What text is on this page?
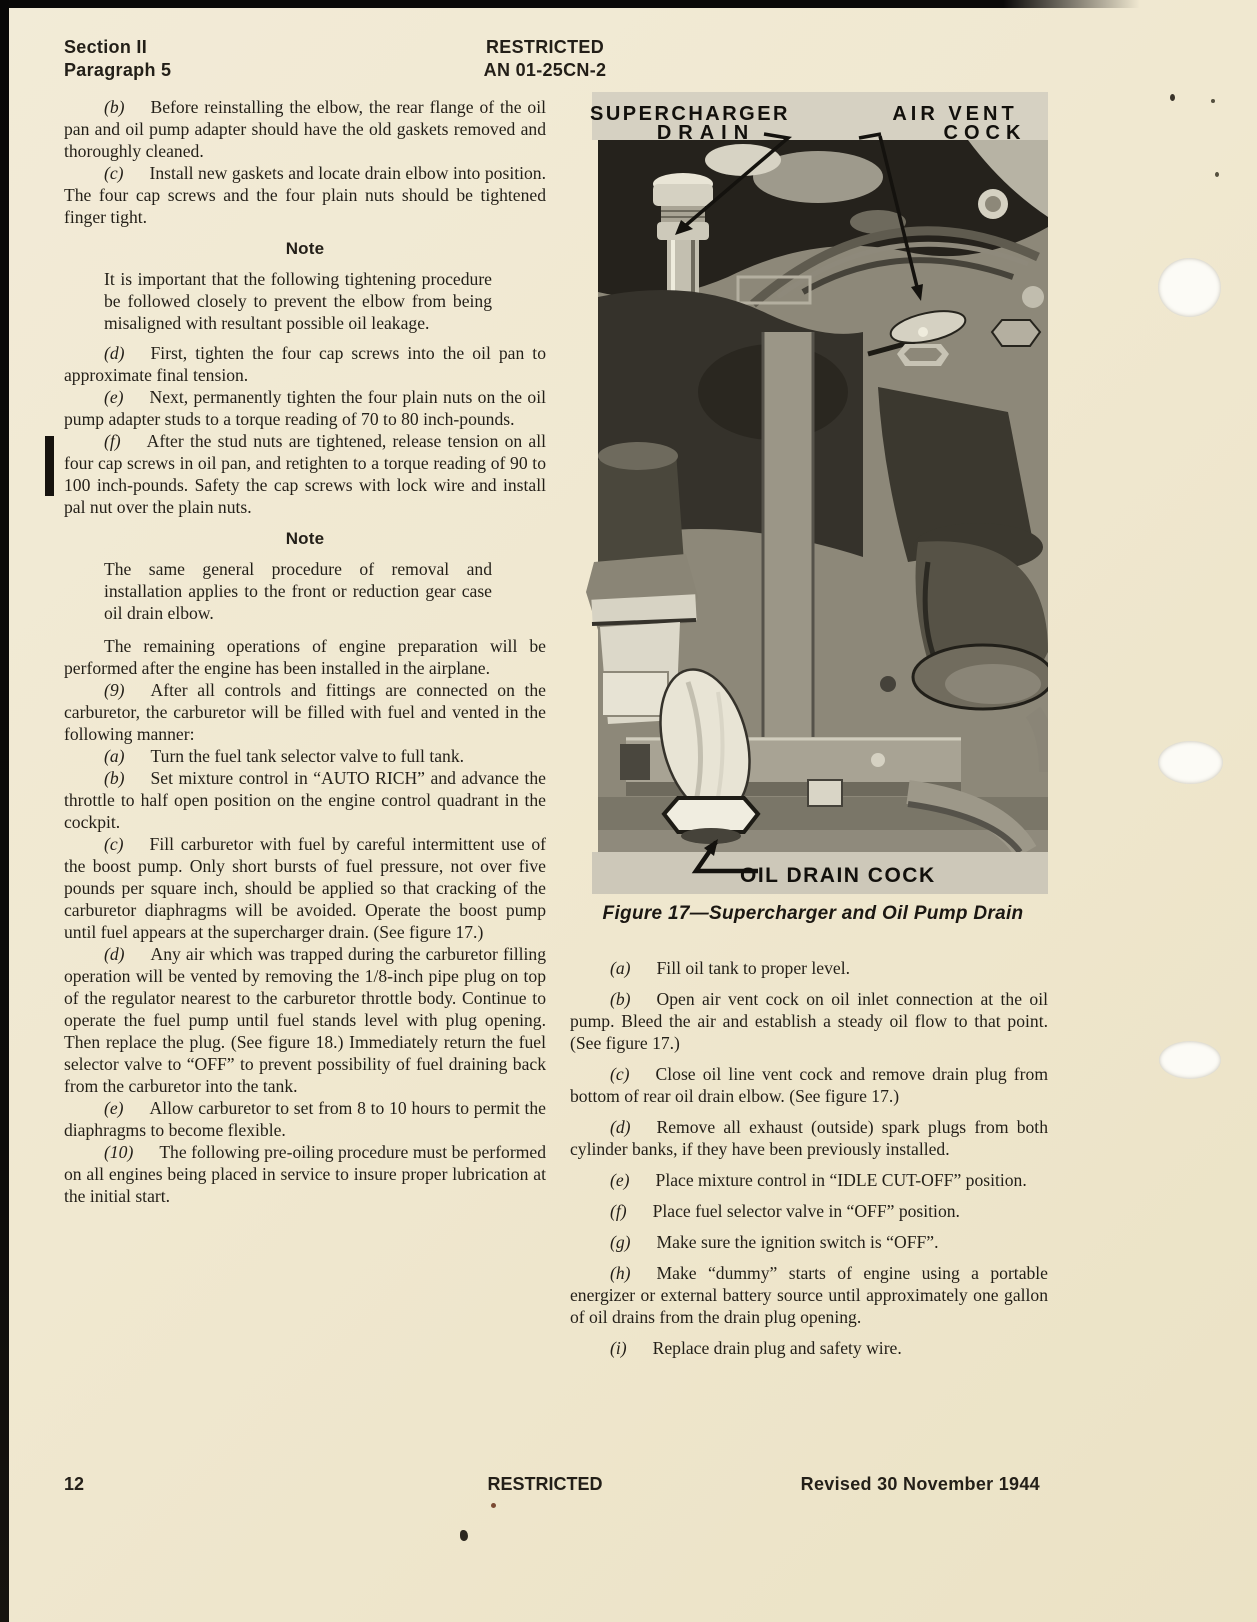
Section II
Paragraph 5
RESTRICTED
AN 01-25CN-2

(b) Before reinstalling the elbow, the rear flange of the oil pan and oil pump adapter should have the old gaskets removed and thoroughly cleaned.

(c) Install new gaskets and locate drain elbow into position. The four cap screws and the four plain nuts should be tightened finger tight.

Note

It is important that the following tightening procedure be followed closely to prevent the elbow from being misaligned with resultant possible oil leakage.

(d) First, tighten the four cap screws into the oil pan to approximate final tension.

(e) Next, permanently tighten the four plain nuts on the oil pump adapter studs to a torque reading of 70 to 80 inch-pounds.

(f) After the stud nuts are tightened, release tension on all four cap screws in oil pan, and retighten to a torque reading of 90 to 100 inch-pounds. Safety the cap screws with lock wire and install pal nut over the plain nuts.

Note

The same general procedure of removal and installation applies to the front or reduction gear case oil drain elbow.

The remaining operations of engine preparation will be performed after the engine has been installed in the airplane.

(9) After all controls and fittings are connected on the carburetor, the carburetor will be filled with fuel and vented in the following manner:

(a) Turn the fuel tank selector valve to full tank.

(b) Set mixture control in “AUTO RICH” and advance the throttle to half open position on the engine control quadrant in the cockpit.

(c) Fill carburetor with fuel by careful intermittent use of the boost pump. Only short bursts of fuel pressure, not over five pounds per square inch, should be applied so that cracking of the carburetor diaphragms will be avoided. Operate the boost pump until fuel appears at the supercharger drain. (See figure 17.)

(d) Any air which was trapped during the carburetor filling operation will be vented by removing the 1/8-inch pipe plug on top of the regulator nearest to the carburetor throttle body. Continue to operate the fuel pump until fuel stands level with plug opening. Then replace the plug. (See figure 18.) Immediately return the fuel selector valve to “OFF” to prevent possibility of fuel draining back from the carburetor into the tank.

(e) Allow carburetor to set from 8 to 10 hours to permit the diaphragms to become flexible.

(10) The following pre-oiling procedure must be performed on all engines being placed in service to insure proper lubrication at the initial start.

SUPERCHARGER
DRAIN
AIR VENT
COCK
OIL DRAIN COCK
Figure 17—Supercharger and Oil Pump Drain

(a) Fill oil tank to proper level.

(b) Open air vent cock on oil inlet connection at the oil pump. Bleed the air and establish a steady oil flow to that point. (See figure 17.)

(c) Close oil line vent cock and remove drain plug from bottom of rear oil drain elbow. (See figure 17.)

(d) Remove all exhaust (outside) spark plugs from both cylinder banks, if they have been previously installed.

(e) Place mixture control in “IDLE CUT-OFF” position.

(f) Place fuel selector valve in “OFF” position.

(g) Make sure the ignition switch is “OFF”.

(h) Make “dummy” starts of engine using a portable energizer or external battery source until approximately one gallon of oil drains from the drain plug opening.

(i) Replace drain plug and safety wire.

12	RESTRICTED	Revised 30 November 1944
